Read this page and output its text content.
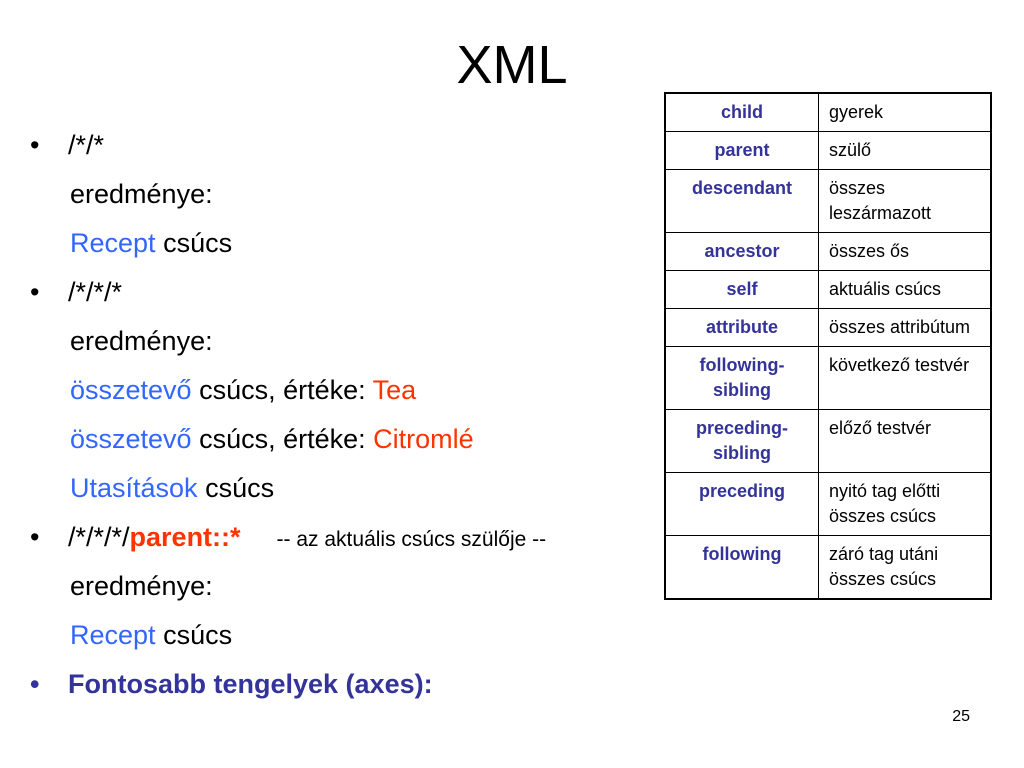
XML
•	/*/*
eredménye:
Recept csúcs
•	/*/*/*
eredménye:
összetevő csúcs, értéke: Tea
összetevő csúcs, értéke: Citromlé
Utasítások csúcs
•	/*/*/*/parent::* -- az aktuális csúcs szülője --
eredménye:
Recept csúcs
•	Fontosabb tengelyek (axes):
child	gyerek
parent	szülő
descendant	összes leszármazott
ancestor	összes ős
self	aktuális csúcs
attribute	összes attribútum
following-sibling	következő testvér
preceding-sibling	előző testvér
preceding	nyitó tag előtti összes csúcs
following	záró tag utáni összes csúcs
25
